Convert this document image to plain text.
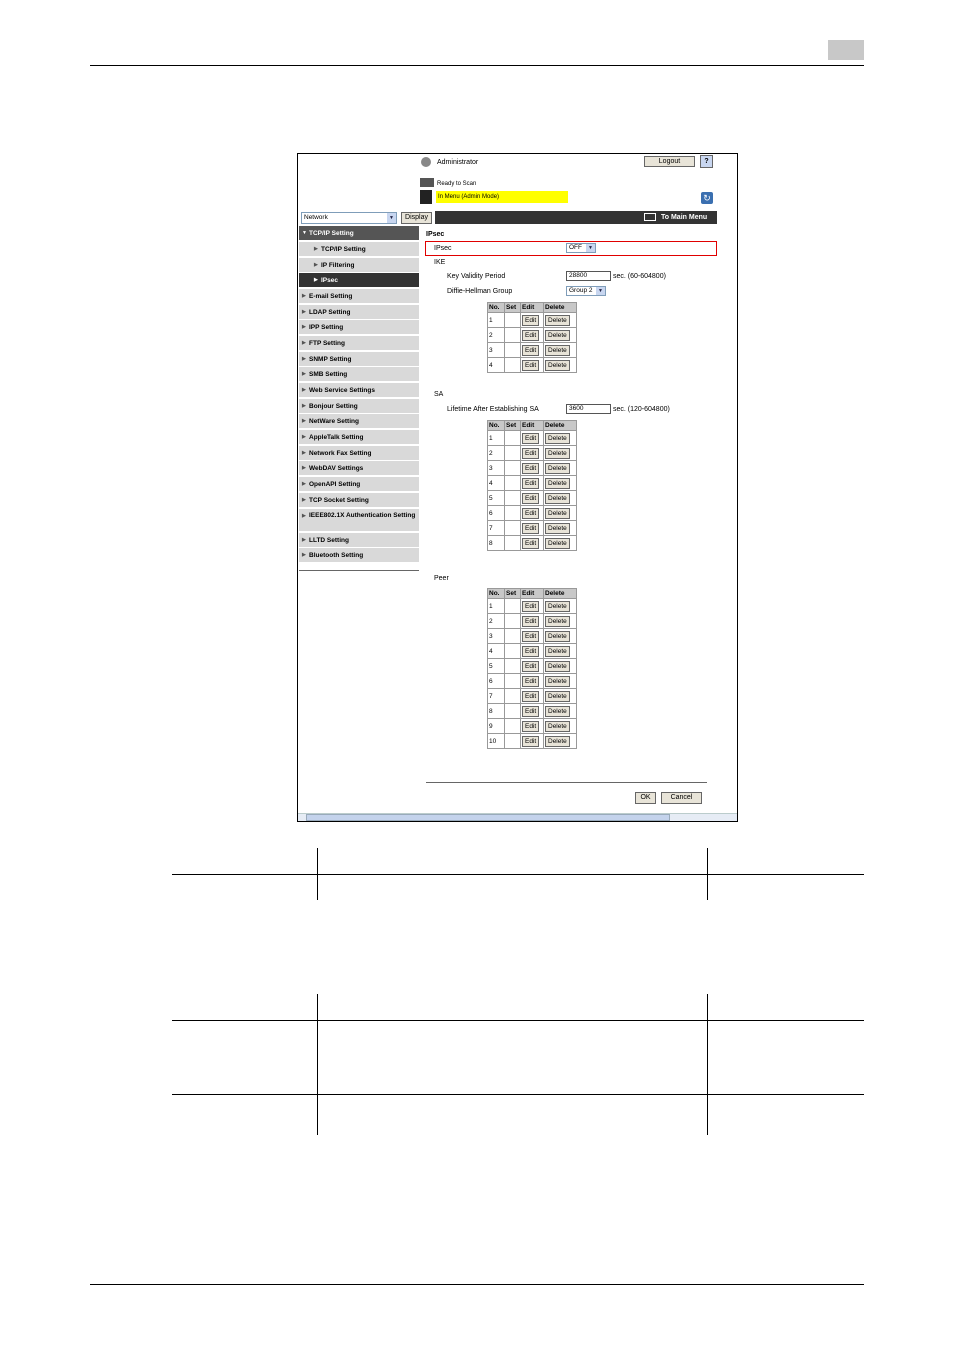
Administrator	Logout	?
Ready to Scan
In Menu (Admin Mode)	↻
Network	▼	Display	To Main Menu
▼ TCP/IP Setting
▶ TCP/IP Setting
▶ IP Filtering
▶ IPsec
▶ E-mail Setting
▶ LDAP Setting
▶ IPP Setting
▶ FTP Setting
▶ SNMP Setting
▶ SMB Setting
▶ Web Service Settings
▶ Bonjour Setting
▶ NetWare Setting
▶ AppleTalk Setting
▶ Network Fax Setting
▶ WebDAV Settings
▶ OpenAPI Setting
▶ TCP Socket Setting
▶ IEEE802.1X Authentication Setting
▶ LLTD Setting
▶ Bluetooth Setting
IPsec
IPsec	OFF	▼
IKE
Key Validity Period	28800	sec. (60-604800)
Diffie-Hellman Group	Group 2	▼
No.	Set	Edit	Delete
1		Edit	Delete
2		Edit	Delete
3		Edit	Delete
4		Edit	Delete
SA
Lifetime After Establishing SA	3600	sec. (120-604800)
No.	Set	Edit	Delete
1		Edit	Delete
2		Edit	Delete
3		Edit	Delete
4		Edit	Delete
5		Edit	Delete
6		Edit	Delete
7		Edit	Delete
8		Edit	Delete
Peer
No.	Set	Edit	Delete
1		Edit	Delete
2		Edit	Delete
3		Edit	Delete
4		Edit	Delete
5		Edit	Delete
6		Edit	Delete
7		Edit	Delete
8		Edit	Delete
9		Edit	Delete
10		Edit	Delete
OK	Cancel
